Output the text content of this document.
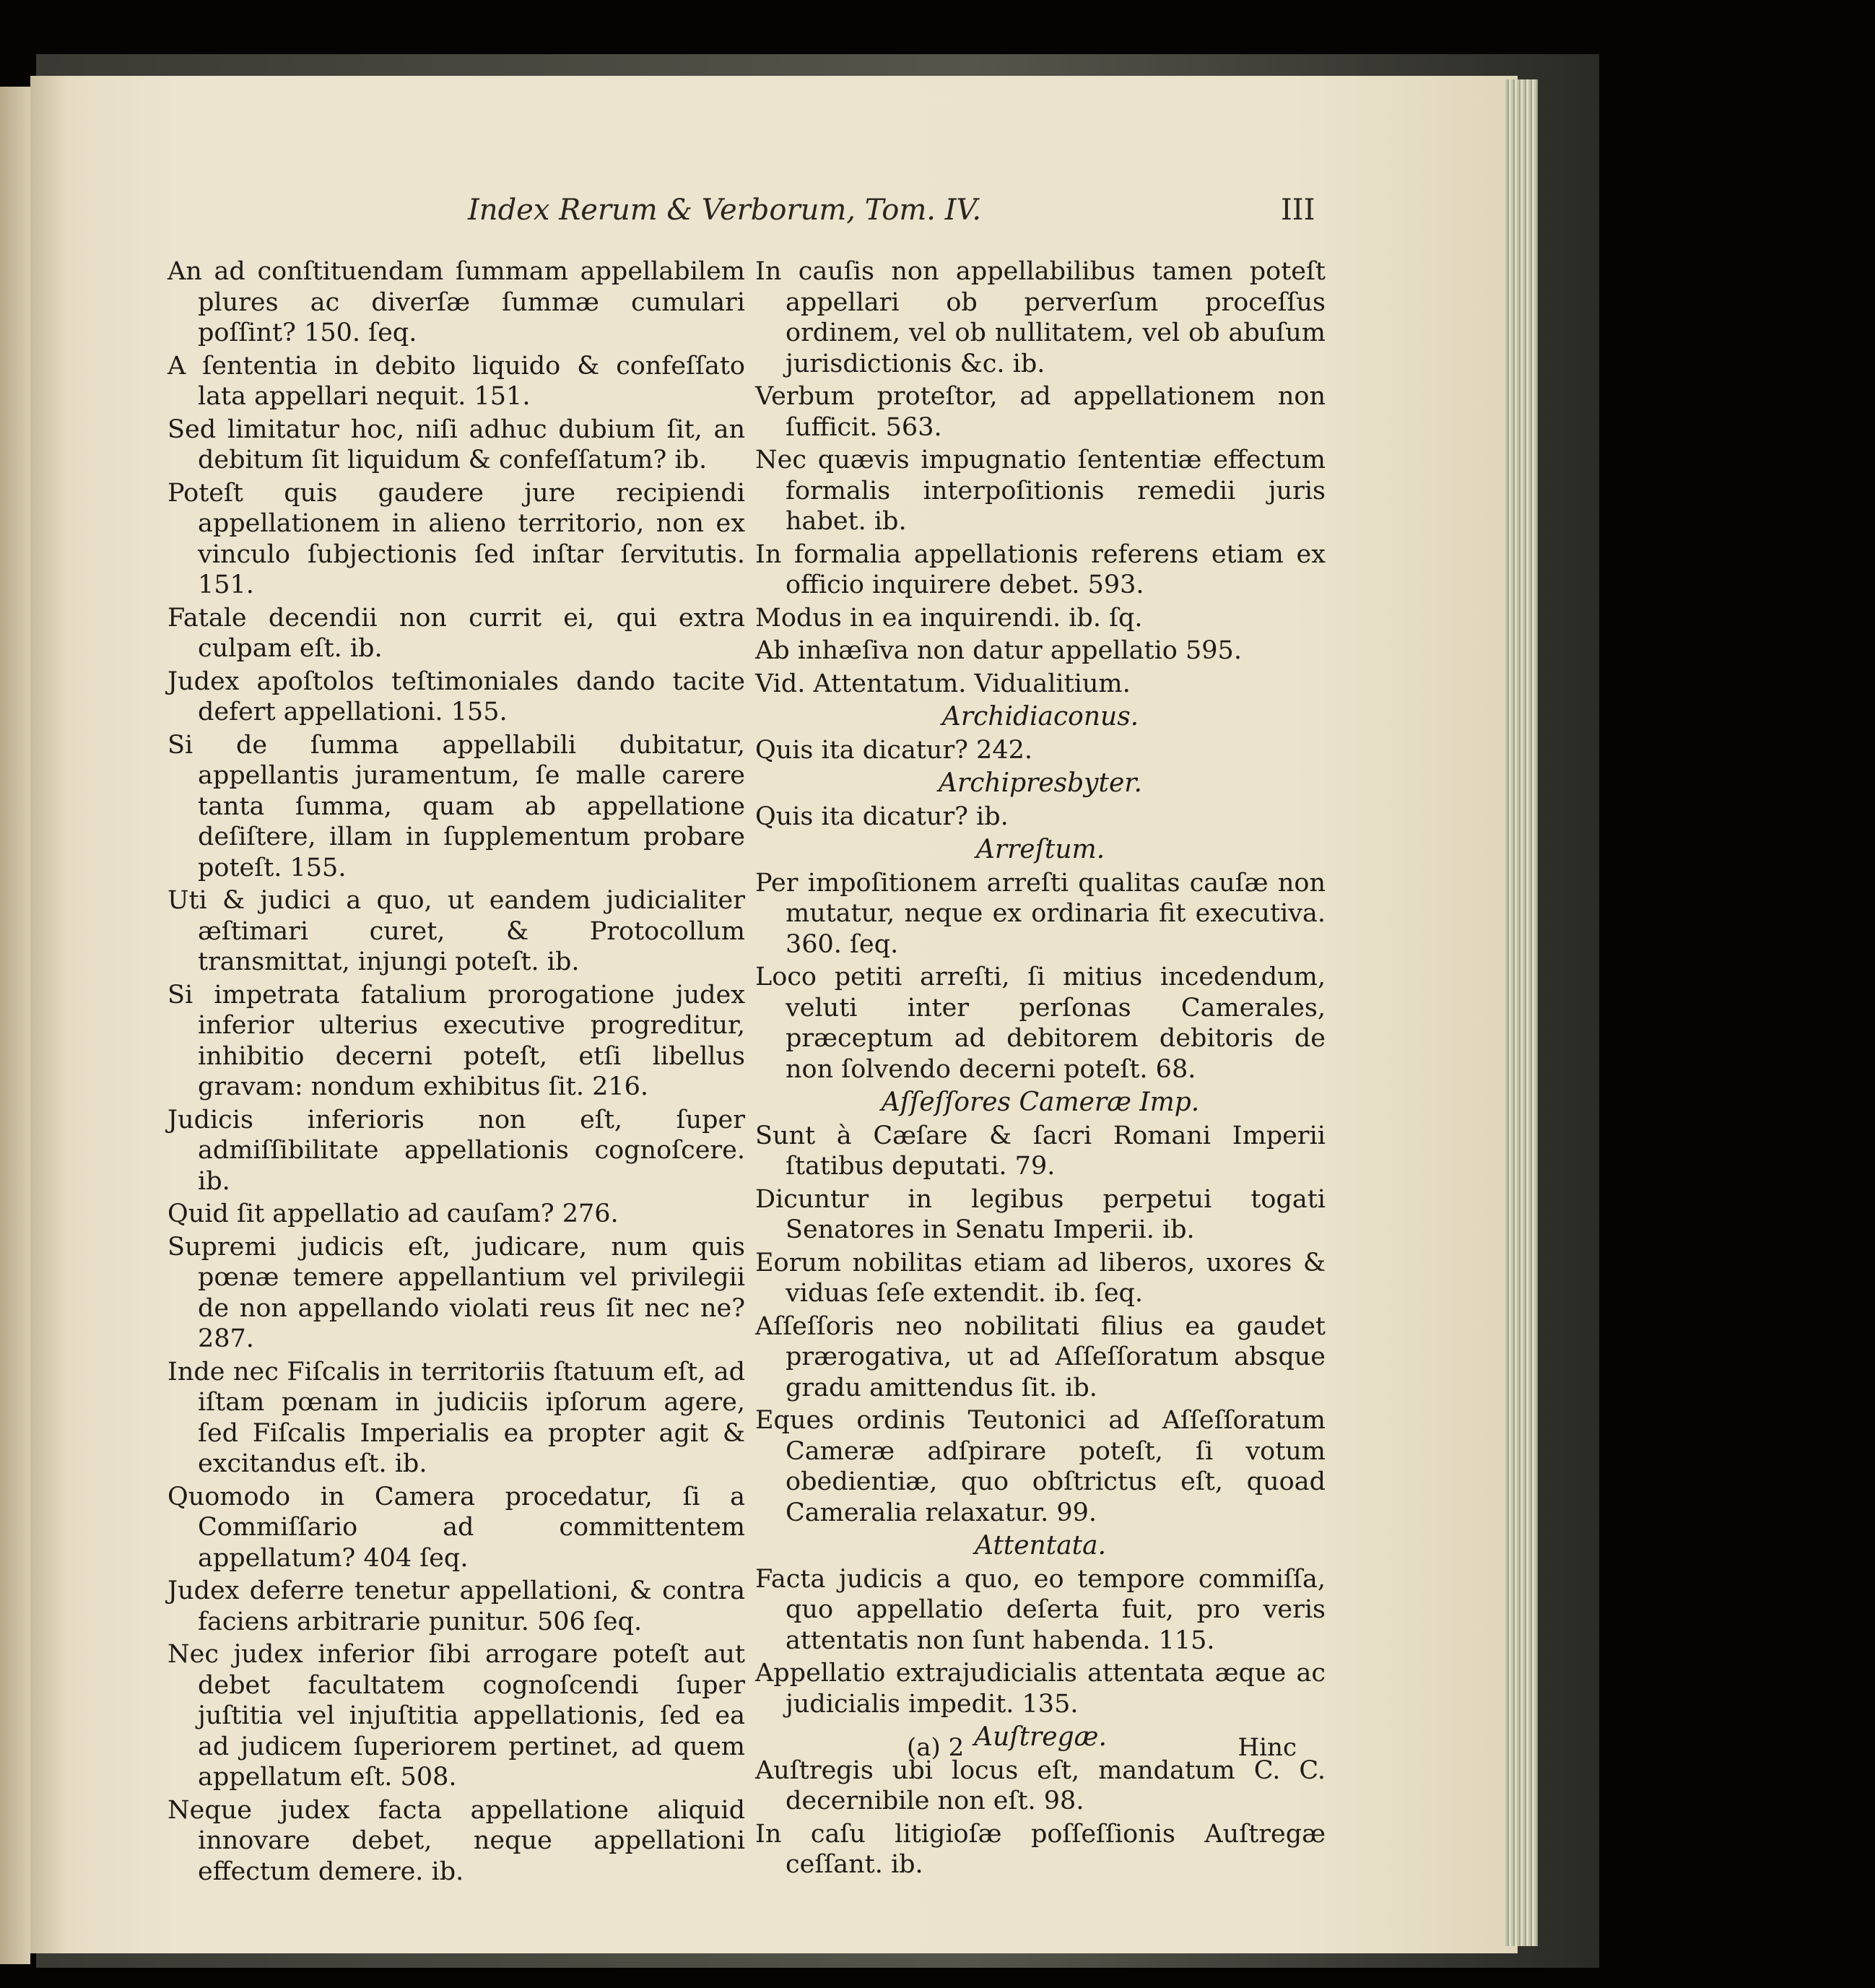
Index Rerum & Verborum, Tom. IV.	III

An ad conſtituendam ſummam appellabilem plures ac diverſæ ſummæ cumulari poſſint? 150. ſeq.

A ſententia in debito liquido & confeſſato lata appellari nequit. 151.

Sed limitatur hoc, niſi adhuc dubium ſit, an debitum ſit liquidum & confeſſatum? ib.

Poteſt quis gaudere jure recipiendi appellationem in alieno territorio, non ex vinculo ſubjectionis ſed inſtar ſervitutis. 151.

Fatale decendii non currit ei, qui extra culpam eſt. ib.

Judex apoſtolos teſtimoniales dando tacite defert appellationi. 155.

Si de ſumma appellabili dubitatur, appellantis juramentum, ſe malle carere tanta ſumma, quam ab appellatione deſiſtere, illam in ſupplementum probare poteſt. 155.

Uti & judici a quo, ut eandem judicialiter æſtimari curet, & Protocollum transmittat, injungi poteſt. ib.

Si impetrata fatalium prorogatione judex inferior ulterius executive progreditur, inhibitio decerni poteſt, etſi libellus gravam: nondum exhibitus ſit. 216.

Judicis inferioris non eſt, ſuper admiſſibilitate appellationis cognoſcere. ib.

Quid ſit appellatio ad cauſam? 276.

Supremi judicis eſt, judicare, num quis pœnæ temere appellantium vel privilegii de non appellando violati reus ſit nec ne? 287.

Inde nec Fiſcalis in territoriis ſtatuum eſt, ad iſtam pœnam in judiciis ipſorum agere, ſed Fiſcalis Imperialis ea propter agit & excitandus eſt. ib.

Quomodo in Camera procedatur, ſi a Commiſſario ad committentem appellatum? 404 ſeq.

Judex deferre tenetur appellationi, & contra faciens arbitrarie punitur. 506 ſeq.

Nec judex inferior ſibi arrogare poteſt aut debet facultatem cognoſcendi ſuper juſtitia vel injuſtitia appellationis, ſed ea ad judicem ſuperiorem pertinet, ad quem appellatum eſt. 508.

Neque judex facta appellatione aliquid innovare debet, neque appellationi effectum demere. ib.

In cauſis non appellabilibus tamen poteſt appellari ob perverſum proceſſus ordinem, vel ob nullitatem, vel ob abuſum jurisdictionis &c. ib.

Verbum proteſtor, ad appellationem non ſufficit. 563.

Nec quævis impugnatio ſententiæ effectum formalis interpoſitionis remedii juris habet. ib.

In formalia appellationis referens etiam ex officio inquirere debet. 593.

Modus in ea inquirendi. ib. ſq.

Ab inhæſiva non datur appellatio 595.

Vid. Attentatum. Vidualitium.

Archidiaconus.

Quis ita dicatur? 242.

Archipresbyter.

Quis ita dicatur? ib.

Arreſtum.

Per impoſitionem arreſti qualitas cauſæ non mutatur, neque ex ordinaria fit executiva. 360. ſeq.

Loco petiti arreſti, ſi mitius incedendum, veluti inter perſonas Camerales, præceptum ad debitorem debitoris de non ſolvendo decerni poteſt. 68.

Aſſeſſores Cameræ Imp.

Sunt à Cæſare & ſacri Romani Imperii ſtatibus deputati. 79.

Dicuntur in legibus perpetui togati Senatores in Senatu Imperii. ib.

Eorum nobilitas etiam ad liberos, uxores & viduas ſeſe extendit. ib. ſeq.

Aſſeſſoris neo nobilitati filius ea gaudet prærogativa, ut ad Aſſeſſoratum absque gradu amittendus ſit. ib.

Eques ordinis Teutonici ad Aſſeſſoratum Cameræ adſpirare poteſt, ſi votum obedientiæ, quo obſtrictus eſt, quoad Cameralia relaxatur. 99.

Attentata.

Facta judicis a quo, eo tempore commiſſa, quo appellatio deſerta fuit, pro veris attentatis non ſunt habenda. 115.

Appellatio extrajudicialis attentata æque ac judicialis impedit. 135.

Auſtregæ.

Auſtregis ubi locus eſt, mandatum C. C. decernibile non eſt. 98.

In caſu litigioſæ poſſeſſionis Auſtregæ ceſſant. ib.

(a) 2	Hinc
